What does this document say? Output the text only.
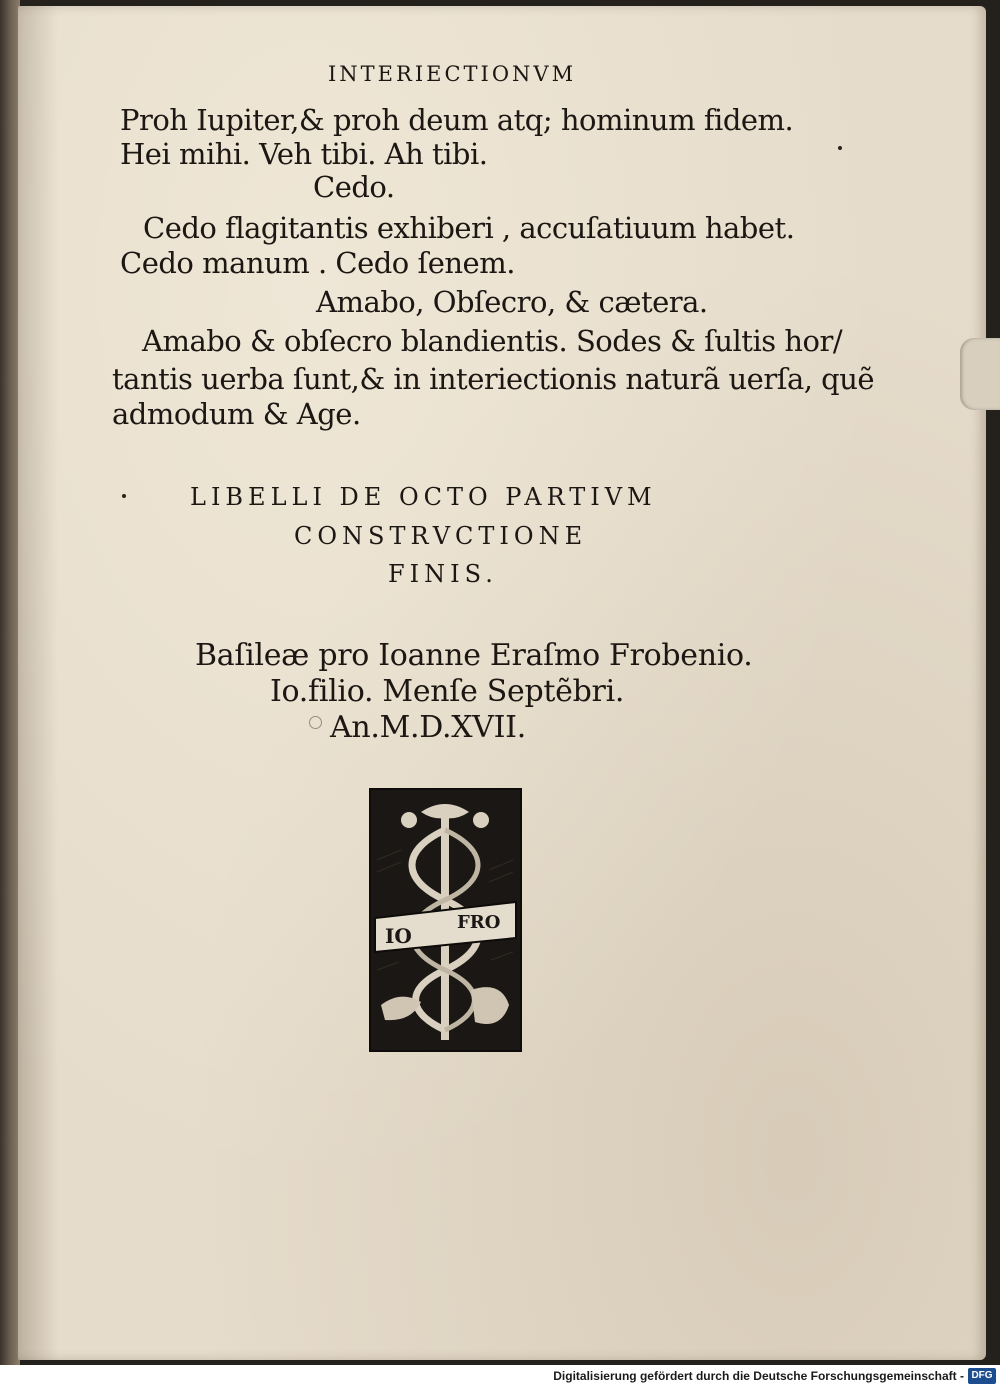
INTERIECTIONVM
Proh Iupiter,& proh deum atq; hominum fidem.
Hei mihi. Veh tibi. Ah tibi.
Cedo.
Cedo flagitantis exhiberi , accuſatiuum habet.
Cedo manum . Cedo ſenem.
Amabo, Obſecro, & cætera.
Amabo & obſecro blandientis. Sodes & ſultis hor/
tantis uerba ſunt,& in interiectionis naturã uerſa, quẽ
admodum & Age.
LIBELLI DE OCTO PARTIVM
CONSTRVCTIONE
FINIS.
Baſileæ pro Ioanne Eraſmo Frobenio.
Io.filio. Menſe Septẽbri.
An.M.D.XVII.
IO
FRO
Digitalisierung gefördert durch die Deutsche Forschungsgemeinschaft - DFG
